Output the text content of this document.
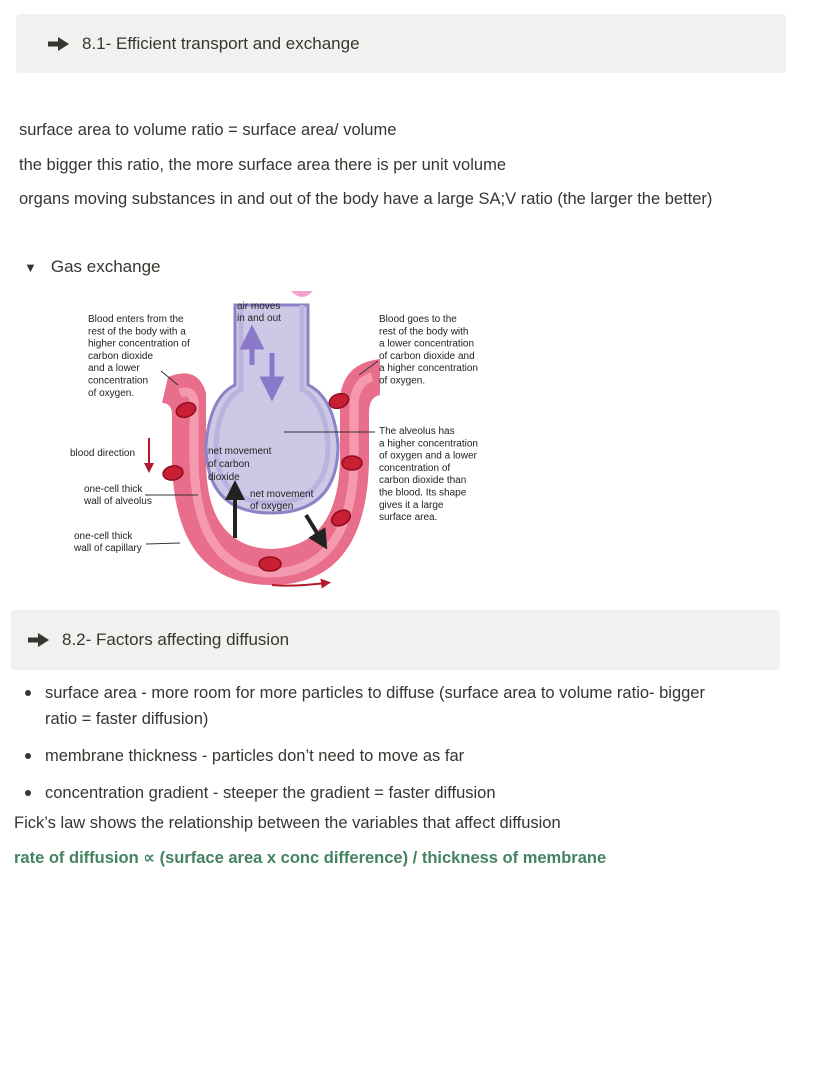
8.1- Efficient transport and exchange
surface area to volume ratio = surface area/ volume
the bigger this ratio, the more surface area there is per unit volume
organs moving substances in and out of the body have a large SA;V ratio (the larger the better)
▼ Gas exchange
air moves in and out
Blood enters from the rest of the body with a higher concentration of carbon dioxide and a lower concentration of oxygen.
Blood goes to the rest of the body with a lower concentration of carbon dioxide and a higher concentration of oxygen.
The alveolus has a higher concentration of oxygen and a lower concentration of carbon dioxide than the blood. Its shape gives it a large surface area.
blood direction	net movement of carbon dioxide
net movement of oxygen
one-cell thick wall of alveolus
one-cell thick wall of capillary
8.2- Factors affecting diffusion
surface area - more room for more particles to diffuse (surface area to volume ratio- bigger
ratio = faster diffusion)
membrane thickness - particles don’t need to move as far
concentration gradient - steeper the gradient = faster diffusion
Fick’s law shows the relationship between the variables that affect diffusion
rate of diffusion ∝ (surface area x conc difference) / thickness of membrane
